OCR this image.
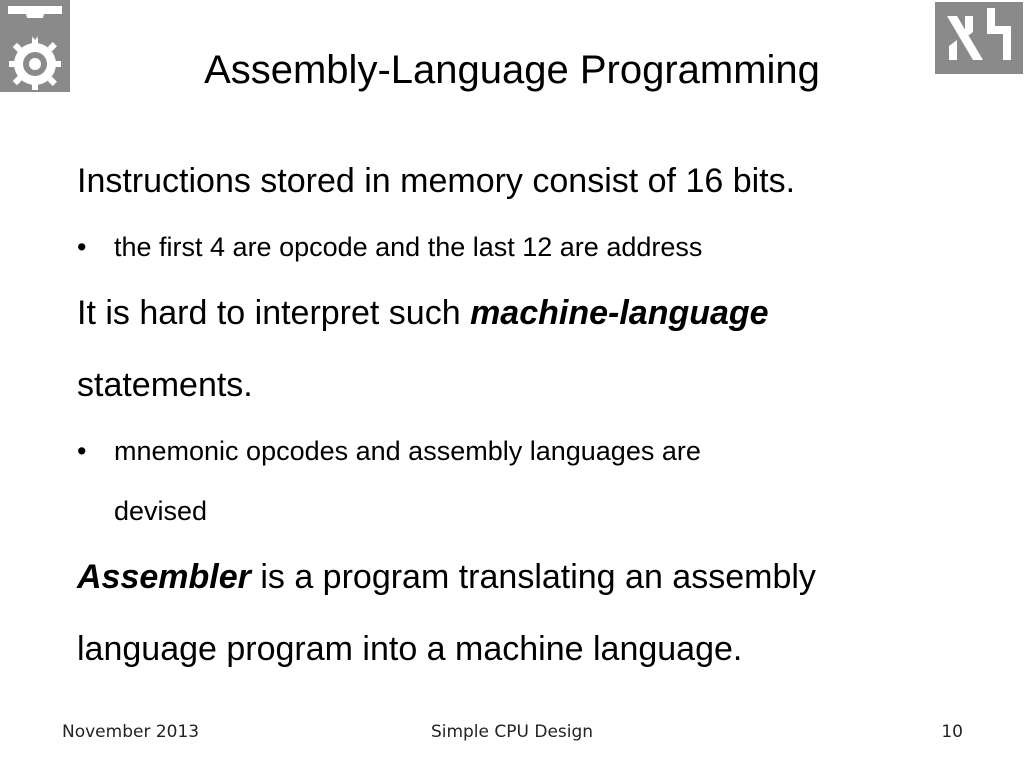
Assembly-Language Programming

Instructions stored in memory consist of 16 bits.

• the first 4 are opcode and the last 12 are address

It is hard to interpret such machine-language

statements.

• mnemonic opcodes and assembly languages are
devised

Assembler is a program translating an assembly

language program into a machine language.

November 2013	Simple CPU Design	10
